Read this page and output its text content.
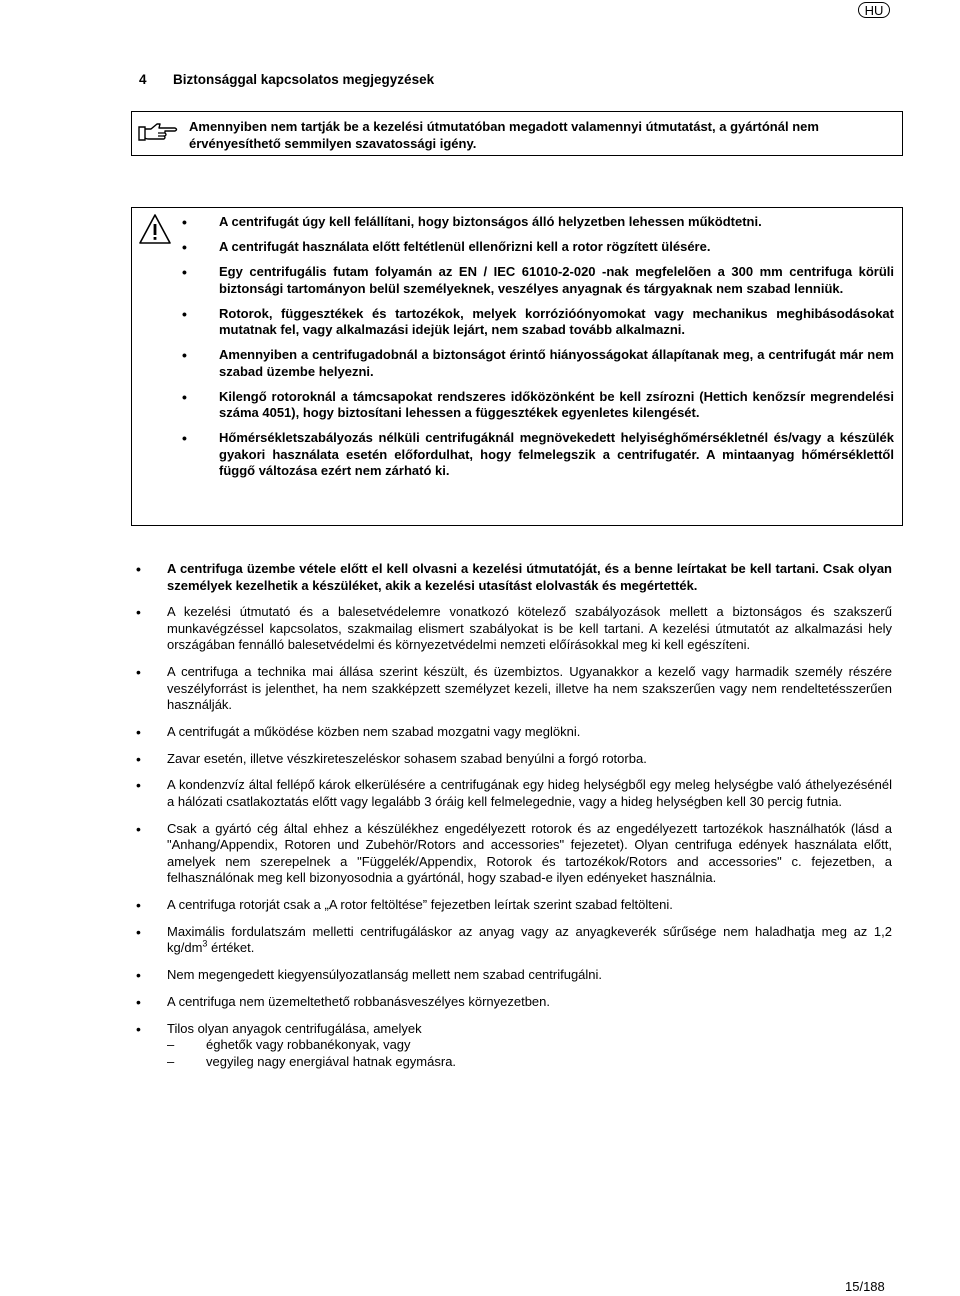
HU
4 Biztonsággal kapcsolatos megjegyzések
Amennyiben nem tartják be a kezelési útmutatóban megadott valamennyi útmutatást, a gyártónál nem érvényesíthető semmilyen szavatossági igény.
• A centrifugát úgy kell felállítani, hogy biztonságos álló helyzetben lehessen működtetni.
• A centrifugát használata előtt feltétlenül ellenőrizni kell a rotor rögzített ülésére.
• Egy centrifugális futam folyamán az EN / IEC 61010-2-020 -nak megfelelõen a 300 mm centrifuga körüli biztonsági tartományon belül személyeknek, veszélyes anyagnak és tárgyaknak nem szabad lenniük.
• Rotorok, függesztékek és tartozékok, melyek korrózióónyomokat vagy mechanikus meghibásodásokat mutatnak fel, vagy alkalmazási idejük lejárt, nem szabad tovább alkalmazni.
• Amennyiben a centrifugadobnál a biztonságot érintő hiányosságokat állapítanak meg, a centrifugát már nem szabad üzembe helyezni.
• Kilengő rotoroknál a támcsapokat rendszeres időközönként be kell zsírozni (Hettich kenőzsír megrendelési száma 4051), hogy biztosítani lehessen a függesztékek egyenletes kilengését.
• Hőmérsékletszabályozás nélküli centrifugáknál megnövekedett helyiséghőmérsékletnél és/vagy a készülék gyakori használata esetén előfordulhat, hogy felmelegszik a centrifugatér. A mintaanyag hőmérséklettől függő változása ezért nem zárható ki.
• A centrifuga üzembe vétele előtt el kell olvasni a kezelési útmutatóját, és a benne leírtakat be kell tartani. Csak olyan személyek kezelhetik a készüléket, akik a kezelési utasítást elolvasták és megértették.
• A kezelési útmutató és a balesetvédelemre vonatkozó kötelező szabályozások mellett a biztonságos és szakszerű munkavégzéssel kapcsolatos, szakmailag elismert szabályokat is be kell tartani. A kezelési útmutatót az alkalmazási hely országában fennálló balesetvédelmi és környezetvédelmi nemzeti előírásokkal meg ki kell egészíteni.
• A centrifuga a technika mai állása szerint készült, és üzembiztos. Ugyanakkor a kezelő vagy harmadik személy részére veszélyforrást is jelenthet, ha nem szakképzett személyzet kezeli, illetve ha nem szakszerűen vagy nem rendeltetésszerűen használják.
• A centrifugát a működése közben nem szabad mozgatni vagy meglökni.
• Zavar esetén, illetve vészkireteszeléskor sohasem szabad benyúlni a forgó rotorba.
• A kondenzvíz által fellépő károk elkerülésére a centrifugának egy hideg helységből egy meleg helységbe való áthelyezésénél a hálózati csatlakoztatás előtt vagy legalább 3 óráig kell felmelegednie, vagy a hideg helységben kell 30 percig futnia.
• Csak a gyártó cég által ehhez a készülékhez engedélyezett rotorok és az engedélyezett tartozékok használhatók (lásd a "Anhang/Appendix, Rotoren und Zubehör/Rotors and accessories" fejezetet). Olyan centrifuga edények használata előtt, amelyek nem szerepelnek a "Függelék/Appendix, Rotorok és tartozékok/Rotors and accessories" c. fejezetben, a felhasználónak meg kell bizonyosodnia a gyártónál, hogy szabad-e ilyen edényeket használnia.
• A centrifuga rotorját csak a „A rotor feltöltése” fejezetben leírtak szerint szabad feltölteni.
• Maximális fordulatszám melletti centrifugáláskor az anyag vagy az anyagkeverék sűrűsége nem haladhatja meg az 1,2 $kg/dm^3$ értéket.
• Nem megengedett kiegyensúlyozatlanság mellett nem szabad centrifugálni.
• A centrifuga nem üzemeltethető robbanásveszélyes környezetben.
• Tilos olyan anyagok centrifugálása, amelyek
– éghetők vagy robbanékonyak, vagy
– vegyileg nagy energiával hatnak egymásra.
15/188
